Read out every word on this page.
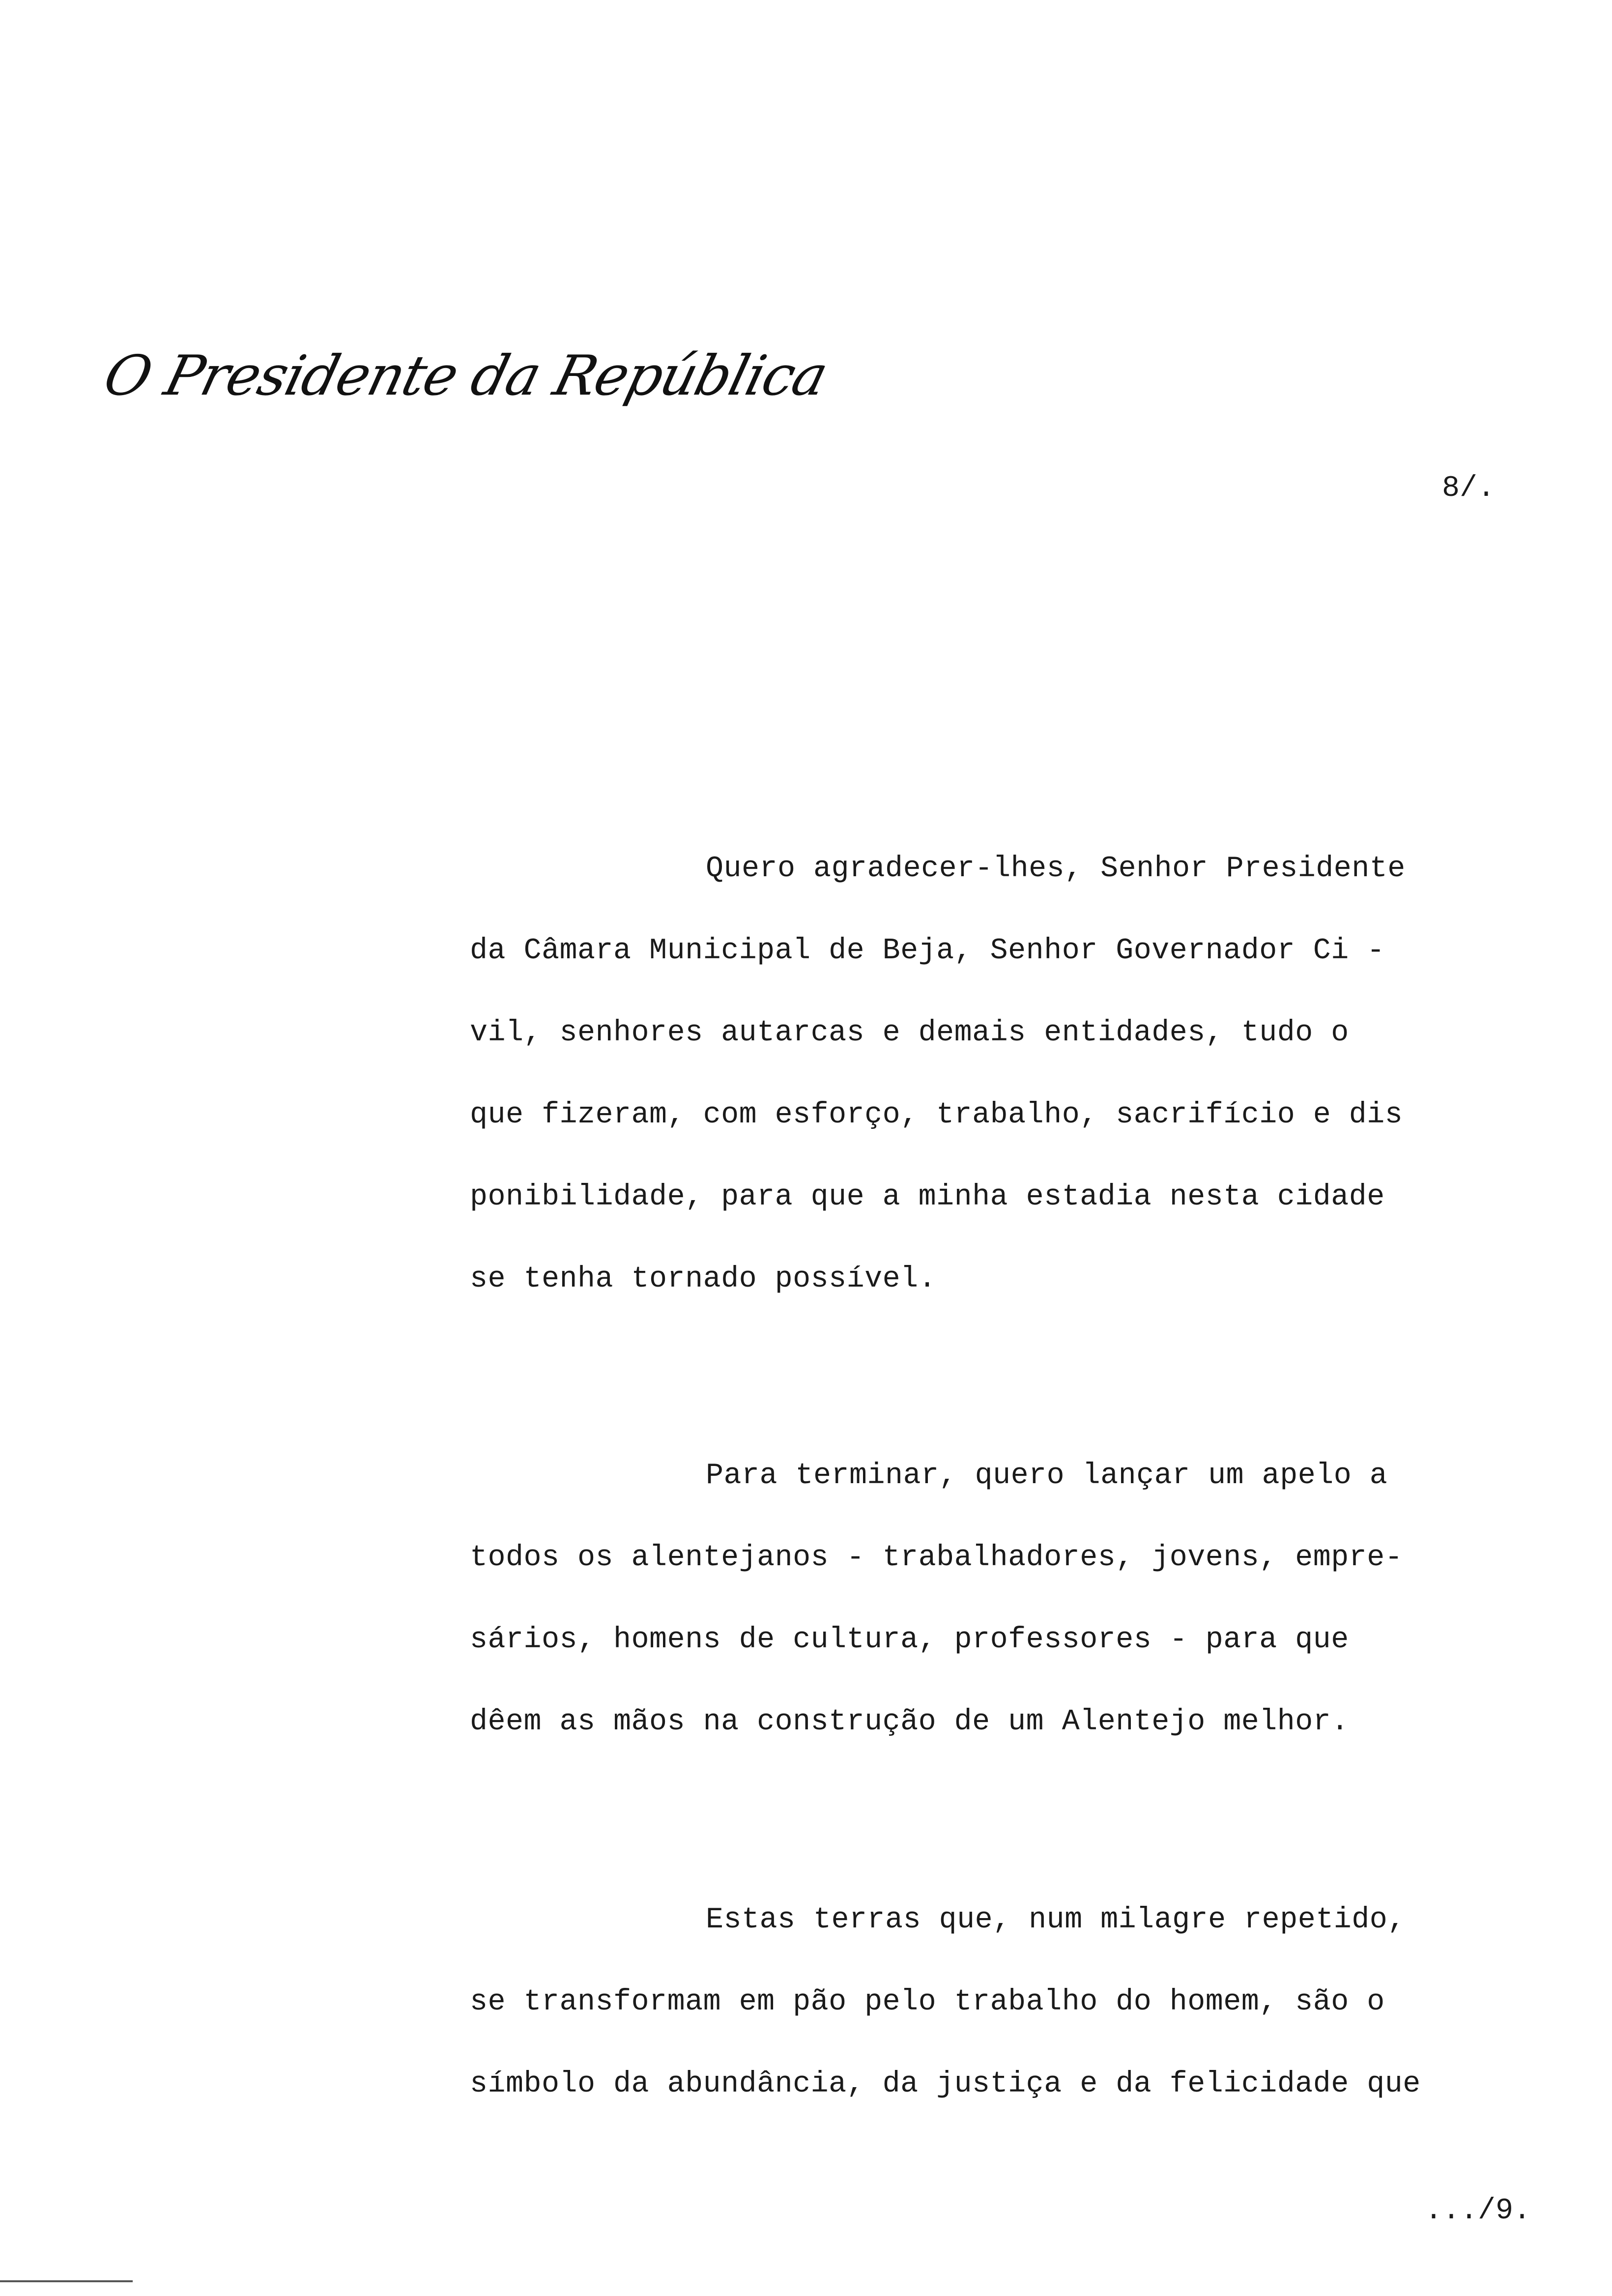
O Presidente da República
8/.
Quero agradecer-lhes, Senhor Presidente
da Câmara Municipal de Beja, Senhor Governador Ci -
vil, senhores autarcas e demais entidades, tudo o
que fizeram, com esforço, trabalho, sacrifício e dis
ponibilidade, para que a minha estadia nesta cidade
se tenha tornado possível.
Para terminar, quero lançar um apelo a
todos os alentejanos - trabalhadores, jovens, empre-
sários, homens de cultura, professores - para que
dêem as mãos na construção de um Alentejo melhor.
Estas terras que, num milagre repetido,
se transformam em pão pelo trabalho do homem, são o
símbolo da abundância, da justiça e da felicidade que
.../9.
